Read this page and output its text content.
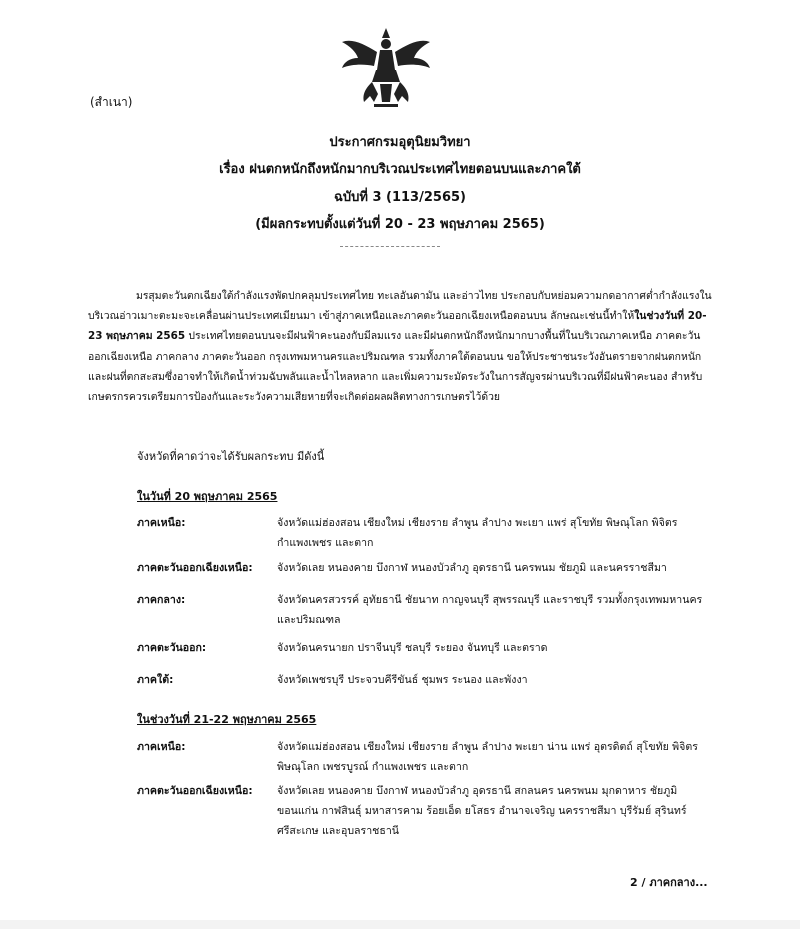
(สำเนา)
ประกาศกรมอุตุนิยมวิทยา
เรื่อง ฝนตกหนักถึงหนักมากบริเวณประเทศไทยตอนบนและภาคใต้
ฉบับที่ 3 (113/2565)
(มีผลกระทบตั้งแต่วันที่ 20 - 23 พฤษภาคม 2565)
มรสุมตะวันตกเฉียงใต้กำลังแรงพัดปกคลุมประเทศไทย ทะเลอันดามัน และอ่าวไทย ประกอบกับหย่อมความกดอากาศต่ำกำลังแรงในบริเวณอ่าวเมาะตะมะจะเคลื่อนผ่านประเทศเมียนมา เข้าสู่ภาคเหนือและภาคตะวันออกเฉียงเหนือตอนบน ลักษณะเช่นนี้ทำให้ในช่วงวันที่ 20-23 พฤษภาคม 2565 ประเทศไทยตอนบนจะมีฝนฟ้าคะนองกับมีลมแรง และมีฝนตกหนักถึงหนักมากบางพื้นที่ในบริเวณภาคเหนือ ภาคตะวันออกเฉียงเหนือ ภาคกลาง ภาคตะวันออก กรุงเทพมหานครและปริมณฑล รวมทั้งภาคใต้ตอนบน ขอให้ประชาชนระวังอันตรายจากฝนตกหนักและฝนที่ตกสะสมซึ่งอาจทำให้เกิดน้ำท่วมฉับพลันและน้ำไหลหลาก และเพิ่มความระมัดระวังในการสัญจรผ่านบริเวณที่มีฝนฟ้าคะนอง สำหรับเกษตรกรควรเตรียมการป้องกันและระวังความเสียหายที่จะเกิดต่อผลผลิตทางการเกษตรไว้ด้วย
จังหวัดที่คาดว่าจะได้รับผลกระทบ มีดังนี้
ในวันที่ 20 พฤษภาคม 2565
ภาคเหนือ:	จังหวัดแม่ฮ่องสอน เชียงใหม่ เชียงราย ลำพูน ลำปาง พะเยา แพร่ สุโขทัย พิษณุโลก พิจิตร กำแพงเพชร และตาก
ภาคตะวันออกเฉียงเหนือ:	จังหวัดเลย หนองคาย บึงกาฬ หนองบัวลำภู อุดรธานี นครพนม ชัยภูมิ และนครราชสีมา
ภาคกลาง:	จังหวัดนครสวรรค์ อุทัยธานี ชัยนาท กาญจนบุรี สุพรรณบุรี และราชบุรี รวมทั้งกรุงเทพมหานครและปริมณฑล
ภาคตะวันออก:	จังหวัดนครนายก ปราจีนบุรี ชลบุรี ระยอง จันทบุรี และตราด
ภาคใต้:	จังหวัดเพชรบุรี ประจวบคีรีขันธ์ ชุมพร ระนอง และพังงา
ในช่วงวันที่ 21-22 พฤษภาคม 2565
ภาคเหนือ:	จังหวัดแม่ฮ่องสอน เชียงใหม่ เชียงราย ลำพูน ลำปาง พะเยา น่าน แพร่ อุตรดิตถ์ สุโขทัย พิจิตร พิษณุโลก เพชรบูรณ์ กำแพงเพชร และตาก
ภาคตะวันออกเฉียงเหนือ:	จังหวัดเลย หนองคาย บึงกาฬ หนองบัวลำภู อุดรธานี สกลนคร นครพนม มุกดาหาร ชัยภูมิ ขอนแก่น กาฬสินธุ์ มหาสารคาม ร้อยเอ็ด ยโสธร อำนาจเจริญ นครราชสีมา บุรีรัมย์ สุรินทร์ ศรีสะเกษ และอุบลราชธานี
2 / ภาคกลาง...
